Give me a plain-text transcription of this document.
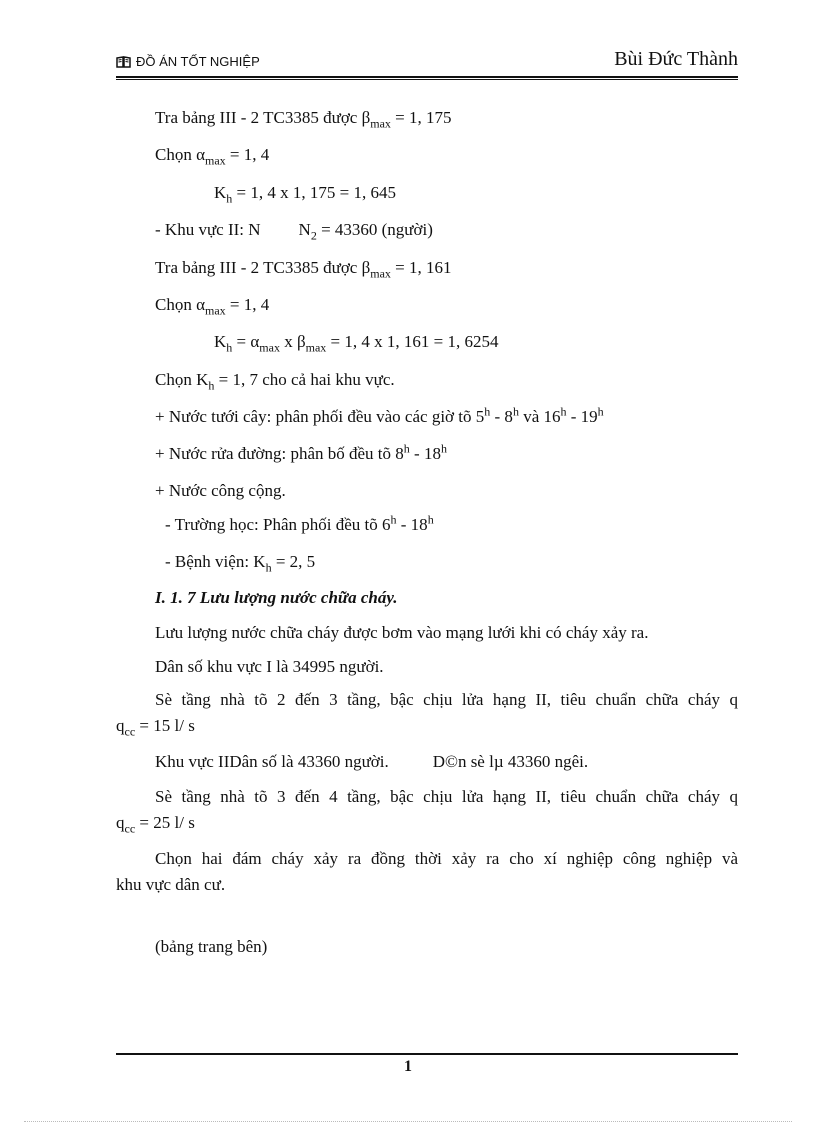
ĐỒ ÁN TỐT NGHIỆP	Bùi Đức Thành
Tra bảng III - 2 TC3385 được $\beta_{max} = 1$, 175
Chọn $\alpha_{max} = 1$, 4
$K_h = 1$, 4 x 1, 175 = 1, 645
- Khu vực II: N $N_2 = 43360$ (người)
Tra bảng III - 2 TC3385 được $\beta_{max} = 1$, 161
Chọn $\alpha_{max} = 1$, 4
$K_h = \alpha_{max}$ x $\beta_{max} = 1$, 4 x 1, 161 = 1, 6254
Chọn $K_h = 1$, 7 cho cả hai khu vực.
+ Nước tưới cây: phân phối đều vào các giờ tõ 5$^h$ - 8$^h$ và $16^h - 19^h$
+ Nước rửa đường: phân bố đều tõ $8^h - 18^h$
+ Nước công cộng.
- Trường học: Phân phối đều tõ 6$^h$ - 18$^h$
- Bệnh viện: $K_h = 2$, 5
I. 1. 7 Lưu lượng nước chữa cháy.
Lưu lượng nước chữa cháy được bơm vào mạng lưới khi có cháy xảy ra.
Dân số khu vực I là 34995 người.
Sè tầng nhà tõ 2 đến 3 tầng, bậc chịu lửa hạng II, tiêu chuẩn chữa cháy q
$q_{cc} = 15$ l/ s
Khu vực IIDân số là 43360 người.	D©n sè lµ 43360 ngêi.
Sè tầng nhà tõ 3 đến 4 tầng, bậc chịu lửa hạng II, tiêu chuẩn chữa cháy q
$q_{cc} = 25$ l/ s
Chọn hai đám cháy xảy ra đồng thời xảy ra cho xí nghiệp công nghiệp và
khu vực dân cư.
(bảng trang bên)
1
